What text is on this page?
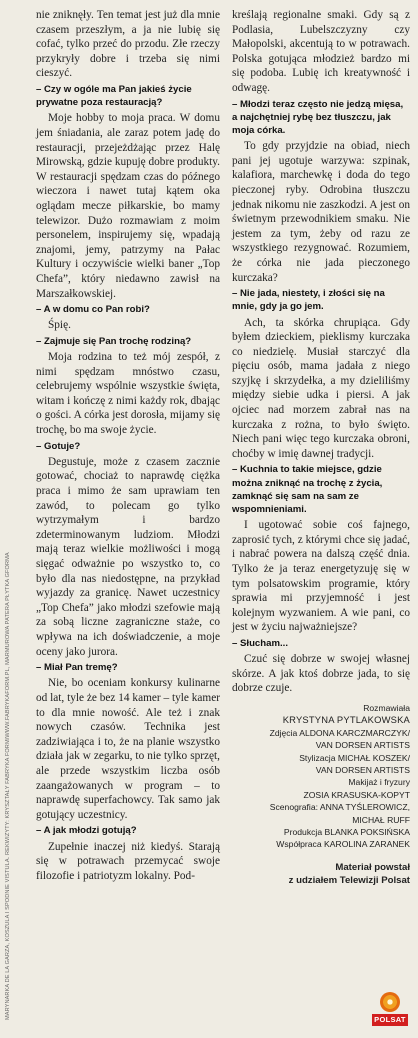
MARYNARKA DE LA GARZA, KOSZULA I SPODNIE VISTULA. REKWIZYTY: KRYSZTAŁY FABRYKA FORM/WWW.FABRYKAFORM.PL, MARMUROWA PATERA PŁYTKA GFORMA

nie zniknęły. Ten temat jest już dla mnie czasem przeszłym, a ja nie lubię się cofać, tylko przeć do przodu. Złe rzeczy przykryły dobre i trzeba się nimi cieszyć.

– Czy w ogóle ma Pan jakieś życie prywatne poza restauracją?

Moje hobby to moja praca. W domu jem śniadania, ale zaraz potem jadę do restauracji, przejeżdżając przez Halę Mirowską, gdzie kupuję dobre produkty. W restauracji spędzam czas do późnego wieczora i nawet tutaj kątem oka oglądam mecze piłkarskie, bo mamy telewizor. Dużo rozmawiam z moim personelem, inspirujemy się, wpadają znajomi, jemy, patrzymy na Pałac Kultury i oczywiście wielki baner „Top Chefa”, który niedawno zawisł na Marszałkowskiej.

– A w domu co Pan robi?

Śpię.

– Zajmuje się Pan trochę rodziną?

Moja rodzina to też mój zespół, z nimi spędzam mnóstwo czasu, celebrujemy wspólnie wszystkie święta, witam i kończę z nimi każdy rok, dbając o gości. A córka jest dorosła, mijamy się trochę, bo ma swoje życie.

– Gotuje?

Degustuje, może z czasem zacznie gotować, chociaż to naprawdę ciężka praca i mimo że sam uprawiam ten zawód, to polecam go tylko wytrzymałym i bardzo zdeterminowanym ludziom. Młodzi mają teraz wielkie możliwości i mogą sięgać odważnie po wszystko to, co było dla nas niedostępne, na przykład wyjazdy za granicę. Nawet uczestnicy „Top Chefa” jako młodzi szefowie mają za sobą liczne zagraniczne staże, co wpływa na ich doświadczenie, a moje oceny jako jurora.

– Miał Pan tremę?

Nie, bo oceniam konkursy kulinarne od lat, tyle że bez 14 kamer – tyle kamer to dla mnie nowość. Ale też i znak nowych czasów. Technika jest zadziwiająca i to, że na planie wszystko działa jak w zegarku, to nie tylko sprzęt, ale przede wszystkim liczba osób zaangażowanych w program – to naprawdę superfachowcy. Tak samo jak gotujący uczestnicy.

– A jak młodzi gotują?

Zupełnie inaczej niż kiedyś. Starają się w potrawach przemycać swoje filozofie i patriotyzm lokalny. Pod-

kreślają regionalne smaki. Gdy są z Podlasia, Lubelszczyzny czy Małopolski, akcentują to w potrawach. Polska gotująca młodzież bardzo mi się podoba. Lubię ich kreatywność i odwagę.

– Młodzi teraz często nie jedzą mięsa, a najchętniej rybę bez tłuszczu, jak moja córka.

To gdy przyjdzie na obiad, niech pani jej ugotuje warzywa: szpinak, kalafiora, marchewkę i doda do tego pieczonej ryby. Odrobina tłuszczu jednak nikomu nie zaszkodzi. A jest on świetnym przewodnikiem smaku. Nie jestem za tym, żeby od razu ze wszystkiego rezygnować. Rozumiem, że córka nie jada pieczonego kurczaka?

– Nie jada, niestety, i złości się na mnie, gdy ja go jem.

Ach, ta skórka chrupiąca. Gdy byłem dzieckiem, pieklismy kurczaka co niedzielę. Musiał starczyć dla pięciu osób, mama jadała z niego szyjkę i skrzydełka, a my dzieliliśmy między siebie udka i piersi. A jak ojciec nad morzem zabrał nas na kurczaka z rożna, to było święto. Niech pani więc tego kurczaka obroni, choćby w imię dawnej tradycji.

– Kuchnia to takie miejsce, gdzie można zniknąć na trochę z życia, zamknąć się sam na sam ze wspomnieniami.

I ugotować sobie coś fajnego, zaprosić tych, z którymi chce się jadać, i nabrać powera na dalszą część dnia. Tylko że ja teraz energetyzuję się w tym polsatowskim programie, który sprawia mi przyjemność i jest kolejnym wyzwaniem. A wie pani, co jest w życiu najważniejsze?

– Słucham...

Czuć się dobrze w swojej własnej skórze. A jak ktoś dobrze jada, to się dobrze czuje.

Rozmawiała
KRYSTYNA PYTLAKOWSKA
Zdjęcia ALDONA KARCZMARCZYK/
VAN DORSEN ARTISTS
Stylizacja MICHAŁ KOSZEK/
VAN DORSEN ARTISTS
Makijaż i fryzury
ZOSIA KRASUSKA-KOPYT
Scenografia: ANNA TYŚLEROWICZ,
MICHAŁ RUFF
Produkcja BLANKA POKSIŃSKA
Współpraca KAROLINA ZARANEK
Materiał powstał
z udziałem Telewizji Polsat
POLSAT
